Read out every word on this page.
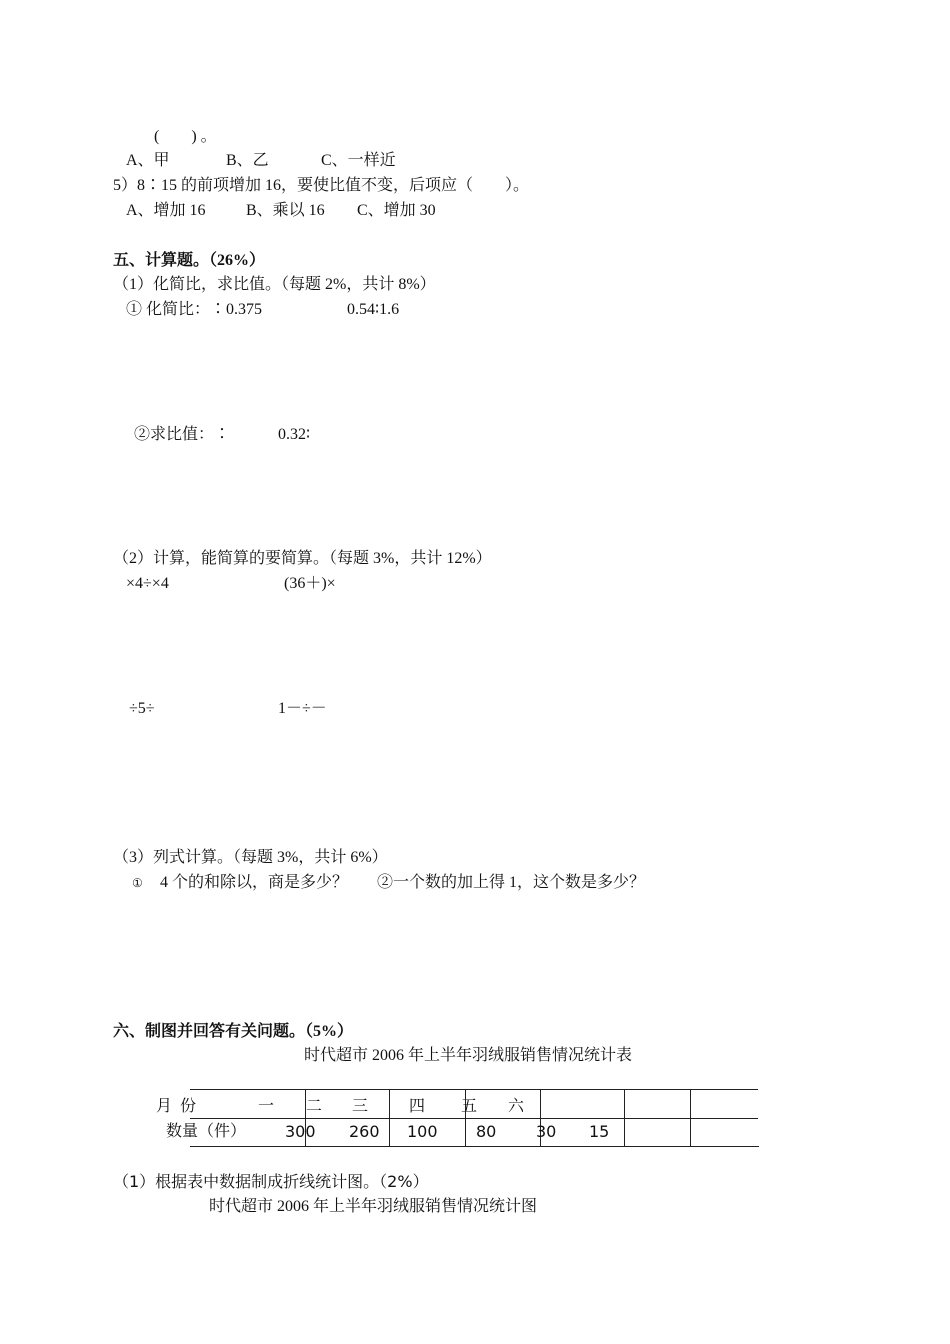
(　　) 。
A、甲	B、乙	C、一样近
5）8∶15 的前项增加 16，要使比值不变，后项应（　　）。
A、增加 16	B、乘以 16 C、增加 30
五、计算题。（26%）
（1）化简比，求比值。（每题 2%，共计 8%）
① 化简比：∶0.375	0.54∶1.6
②求比值：∶	0.32∶
（2）计算，能简算的要简算。（每题 3%，共计 12%）
×4÷×4	(36＋)×
÷5÷	1－÷－
（3）列式计算。（每题 3%，共计 6%）
① 4 个的和除以，商是多少？ ②一个数的加上得 1，这个数是多少？
六、制图并回答有关问题。（5%）
时代超市 2006 年上半年羽绒服销售情况统计表
月  份	一 二 三	四 五 六
数量（件） 300 260 100 80 30 15
（1）根据表中数据制成折线统计图。（2%）
时代超市 2006 年上半年羽绒服销售情况统计图
